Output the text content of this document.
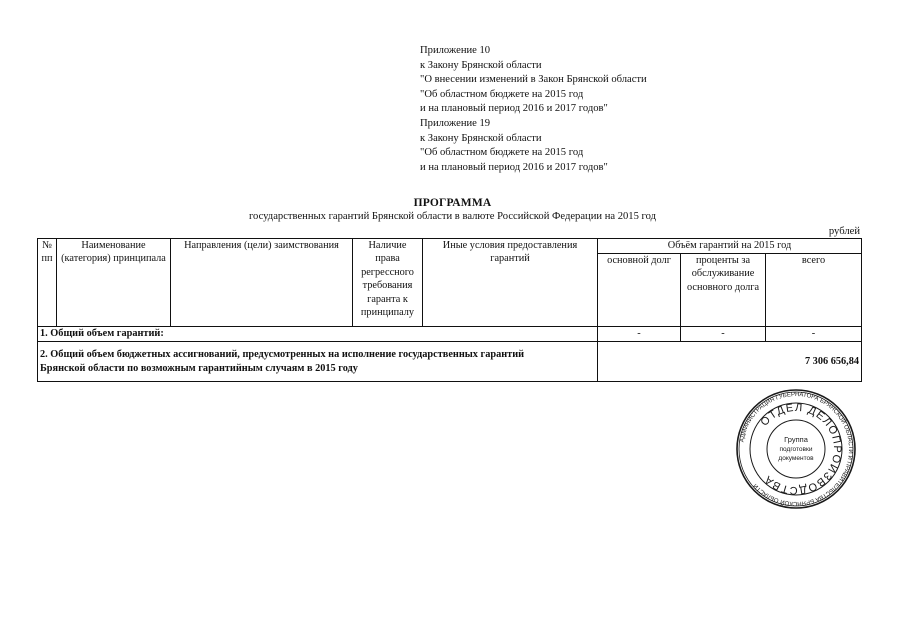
Приложение 10
к Закону Брянской области
"О внесении изменений в Закон Брянской области
"Об областном бюджете на 2015 год
и на плановый период 2016 и 2017 годов"
Приложение 19
к Закону Брянской области
"Об областном бюджете на 2015 год
и на плановый период 2016 и 2017 годов"
ПРОГРАММА
государственных гарантий Брянской области в валюте Российской Федерации на 2015 год
рублей
№ пп	Наименование (категория) принципала	Направления (цели) заимствования	Наличие права регрессного требования гаранта к принципалу	Иные условия предоставления гарантий	Объём гарантий на 2015 год		
					основной долг	проценты за обслуживание основного долга	всего
1. Общий объем гарантий:					-	-	-
2. Общий объем бюджетных ассигнований, предусмотренных на исполнение государственных гарантий Брянской области по возможным гарантийным случаям в 2015 году					7 306 656,84		
АДМИНИСТРАЦИЯ ГУБЕРНАТОРА БРЯНСКОЙ ОБЛАСТИ И ПРАВИТЕЛЬСТВА БРЯНСКОЙ ОБЛАСТИ
ОТДЕЛ ДЕЛОПРОИЗВОДСТВА
Группа
подготовки
документов
